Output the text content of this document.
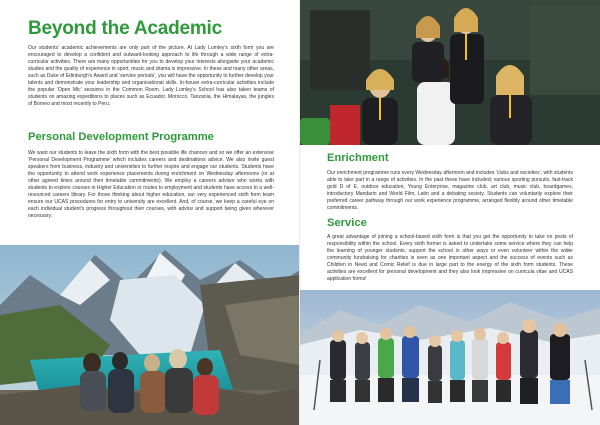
Beyond the Academic

Our students’ academic achievements are only part of the picture. At Lady Lumley’s sixth form you are encouraged to develop a confident and outward-looking approach to life through a wide range of extra-curricular activities. There are many opportunities for you to develop your interests alongside your academic studies and the quality of experience in sport, music and drama is impressive. In these and many other areas, such as Duke of Edinburgh’s Award and ‘service periods’, you will have the opportunity to further develop your talents and demonstrate your leadership and organisational skills. In-house extra-curricular activities include the popular ‘Open Mic’ sessions in the Common Room. Lady Lumley’s School has also taken teams of students on amazing expeditions to places such as Ecuador, Morocco, Tanzania, the Himalayas, the jungles of Borneo and most recently to Peru.

Personal Development Programme

We want our students to leave the sixth form with the best possible life chances and so we offer an extensive ‘Personal Development Programme’ which includes careers and destinations advice. We also invite guest speakers from business, industry and universities to further inspire and engage our students. Students have the opportunity to attend work experience placements during enrichment on Wednesday afternoons (or at other agreed times around their timetable commitments). We employ a careers advisor who works with students to explore courses in Higher Education or routes to employment and students have access to a well-resourced careers library. For those thinking about higher education, our very experienced sixth form team ensure our UCAS procedures for entry to university are excellent. And, of course, we keep a careful eye on each individual student’s progress throughout their courses, with advice and support being given wherever necessary.

Enrichment

Our enrichment programme runs every Wednesday afternoon and includes ‘clubs and societies’, with students able to take part in a range of activities. In the past these have included; various sporting pursuits, fast-track gold D of E, outdoor education, Young Enterprise, magazine club, art club, music club, boardgames, introductory Mandarin and World Film, Latin and a debating society. Students can voluntarily explore their preferred career pathway through our work experience programme, arranged flexibly around other timetable commitments.

Service

A great advantage of joining a school-based sixth form is that you get the opportunity to take on posts of responsibility within the school. Every sixth former is asked to undertake some service where they can help the learning of younger students, support the school in other ways or even volunteer within the wider community fundraising for charities is seen as one important aspect and the success of events such as Children in Need and Comic Relief is due in large part to the energy of the sixth form students. These activities are excellent for personal development and they also look impressive on curricula vitae and UCAS application forms!
